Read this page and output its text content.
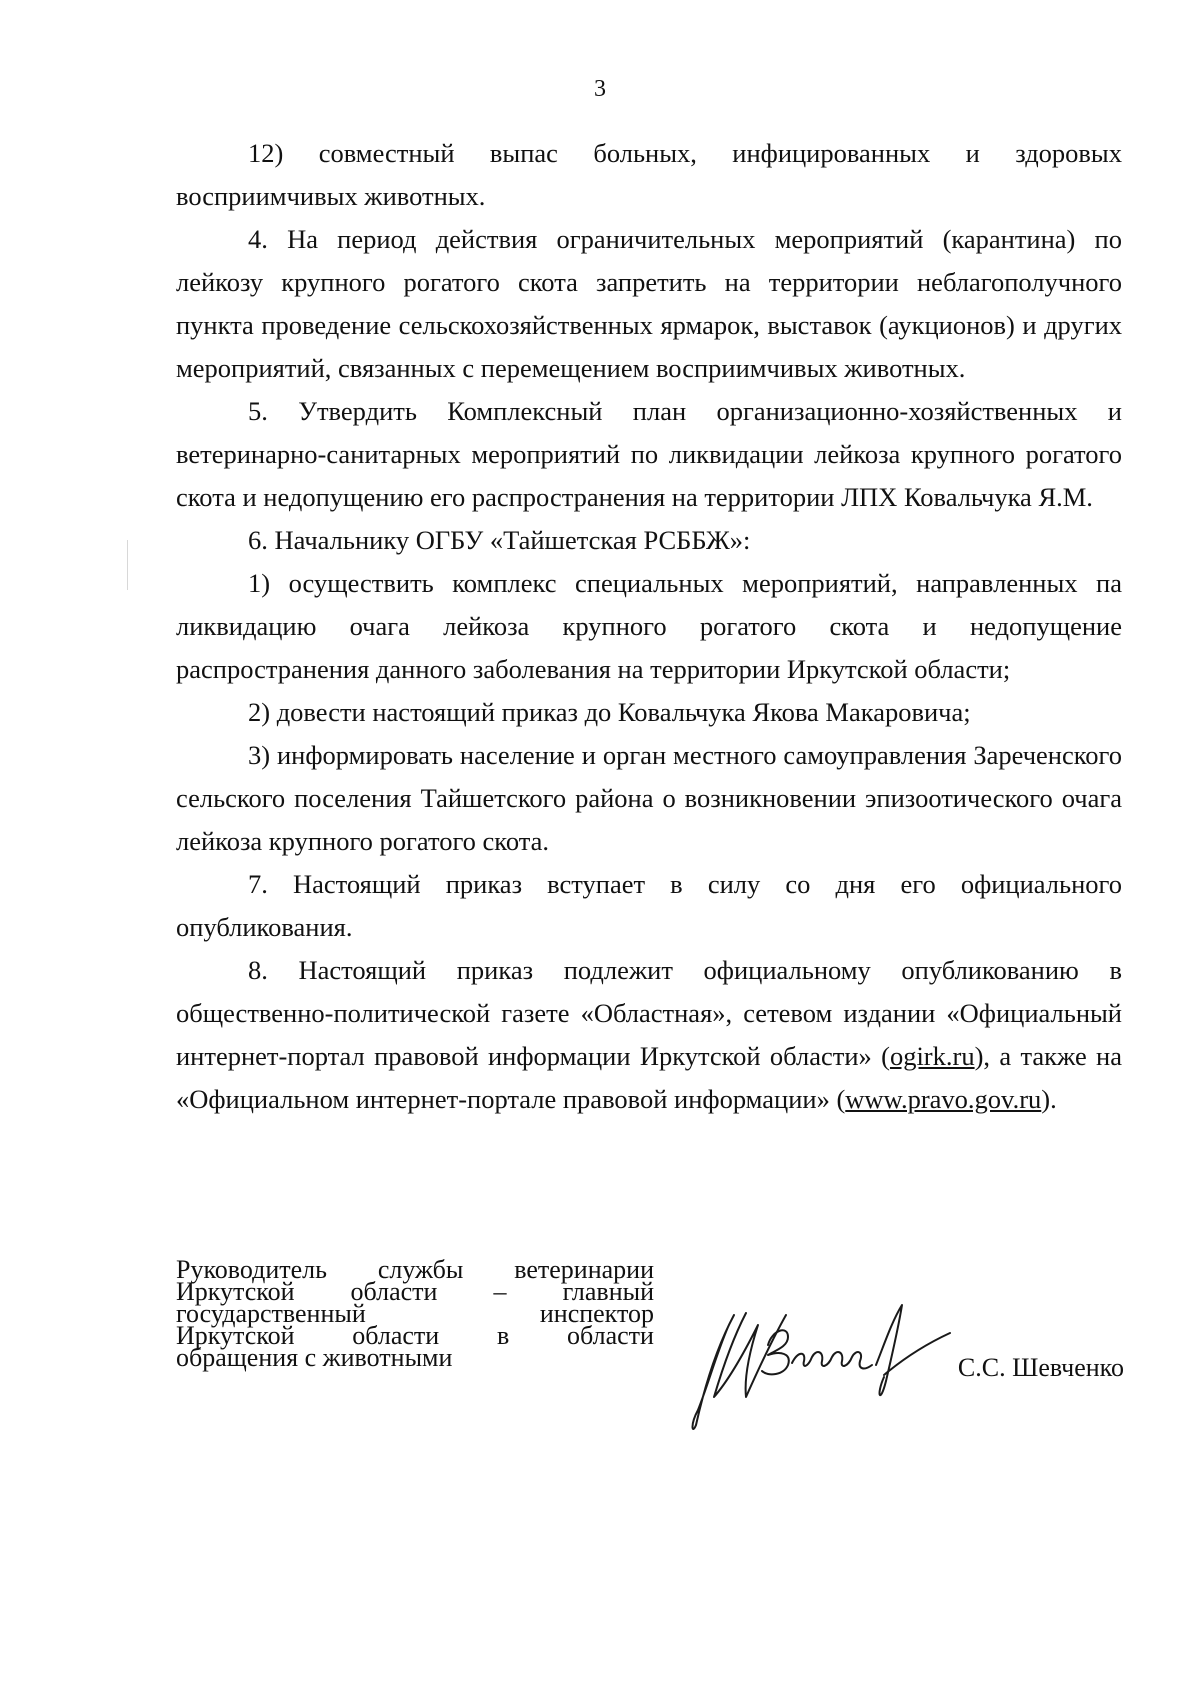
3

12) совместный выпас больных, инфицированных и здоровых восприимчивых животных.

4. На период действия ограничительных мероприятий (карантина) по лейкозу крупного рогатого скота запретить на территории неблагополучного пункта проведение сельскохозяйственных ярмарок, выставок (аукционов) и других мероприятий, связанных с перемещением восприимчивых животных.

5. Утвердить Комплексный план организационно-хозяйственных и ветеринарно-санитарных мероприятий по ликвидации лейкоза крупного рогатого скота и недопущению его распространения на территории ЛПХ Ковальчука Я.М.

6. Начальнику ОГБУ «Тайшетская РСББЖ»:

1) осуществить комплекс специальных мероприятий, направленных па ликвидацию очага лейкоза крупного рогатого скота и недопущение распространения данного заболевания на территории Иркутской области;

2) довести настоящий приказ до Ковальчука Якова Макаровича;

3) информировать население и орган местного самоуправления Зареченского сельского поселения Тайшетского района о возникновении эпизоотического очага лейкоза крупного рогатого скота.

7. Настоящий приказ вступает в силу со дня его официального опубликования.

8. Настоящий приказ подлежит официальному опубликованию в общественно-политической газете «Областная», сетевом издании «Официальный интернет-портал правовой информации Иркутской области» (ogirk.ru), а также на «Официальном интернет-портале правовой информации» (www.pravo.gov.ru).

Руководитель службы ветеринарии
Иркутской области – главный
государственный	инспектор
Иркутской области в области
обращения с животными	С.С. Шевченко
